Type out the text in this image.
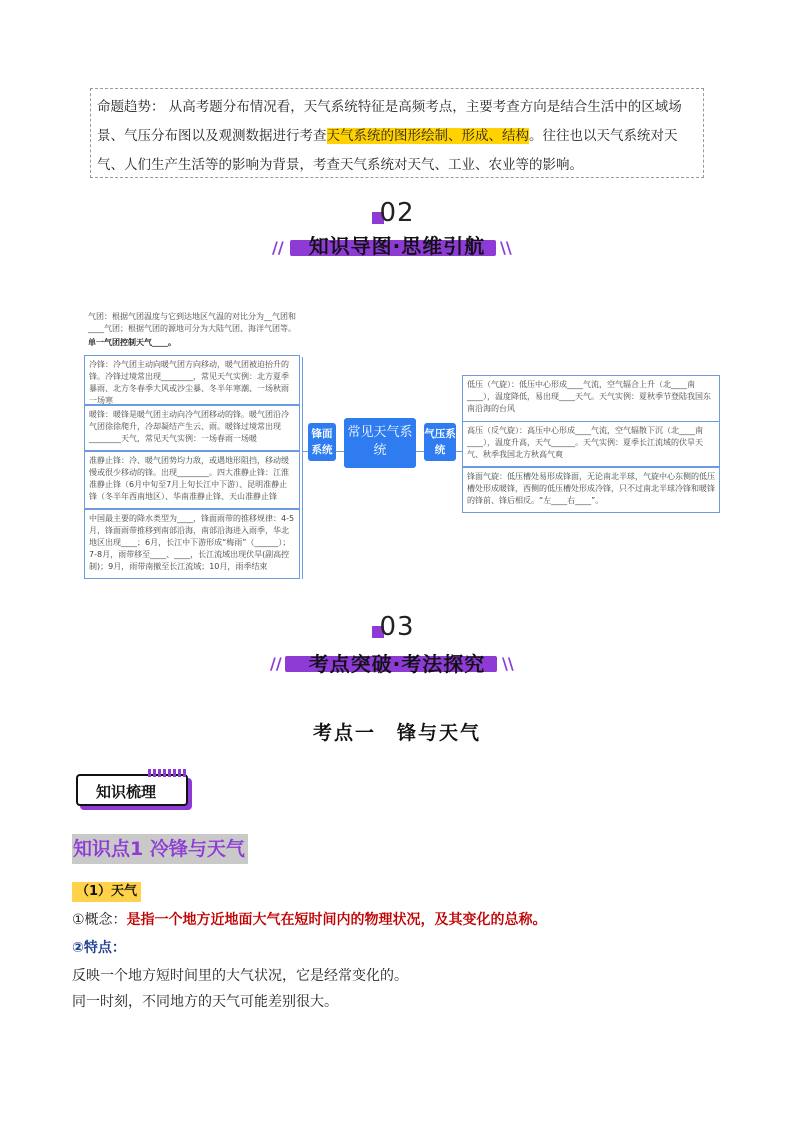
命题趋势： 从高考题分布情况看，天气系统特征是高频考点，主要考查方向是结合生活中的区域场景、气压分布图以及观测数据进行考查天气系统的图形绘制、形成、结构。往往也以天气系统对天气、人们生产生活等的影响为背景，考查天气系统对天气、工业、农业等的影响。
02
//	\\
知识导图·思维引航
气团：根据气团温度与它到达地区气温的对比分为__气团和____气团；根据气团的源地可分为大陆气团、海洋气团等。
单一气团控制天气____。
冷锋：冷气团主动向暖气团方向移动，暖气团被迫抬升的锋。冷锋过境常出现________，常见天气实例：北方夏季暴雨、北方冬春季大风或沙尘暴、冬半年寒潮、一场秋雨一场寒
暖锋：暖锋是暖气团主动向冷气团移动的锋。暖气团沿冷气团徐徐爬升，冷却凝结产生云、雨。暖锋过境常出现________天气，常见天气实例：一场春雨一场暖
准静止锋：冷、暖气团势均力敌，或遇地形阻挡，移动缓慢或很少移动的锋。出现________。四大准静止锋：江淮准静止锋（6月中旬至7月上旬长江中下游）、昆明准静止锋（冬半年西南地区）、华南准静止锋、天山准静止锋
中国最主要的降水类型为____，锋面雨带的推移规律：4-5月，锋面雨带推移到南部沿海，南部沿海进入雨季，华北地区出现____；6月，长江中下游形成“梅雨”（______）；7-8月，雨带移至____、____，长江流域出现伏旱(副高控制)；9月，雨带南撤至长江流域；10月，雨季结束
锋面系统
常见天气系统
气压系统
低压（气旋）：低压中心形成____气流，空气辐合上升（北____南____），温度降低，易出现____天气。天气实例：夏秋季节登陆我国东南沿海的台风
高压（反气旋）：高压中心形成____气流，空气辐散下沉（北____南____），温度升高，天气______。天气实例：夏季长江流域的伏旱天气、秋季我国北方秋高气爽
锋面气旋：低压槽处易形成锋面，无论南北半球，气旋中心东侧的低压槽处形成暖锋，西侧的低压槽处形成冷锋，只不过南北半球冷锋和暖锋的锋前、锋后相反。“左____右____”。
03
//	\\
考点突破·考法探究
考点一　锋与天气
知识梳理
知识点1 冷锋与天气
（1）天气
①概念：是指一个地方近地面大气在短时间内的物理状况，及其变化的总称。
②特点：
反映一个地方短时间里的大气状况，它是经常变化的。
同一时刻，不同地方的天气可能差别很大。
